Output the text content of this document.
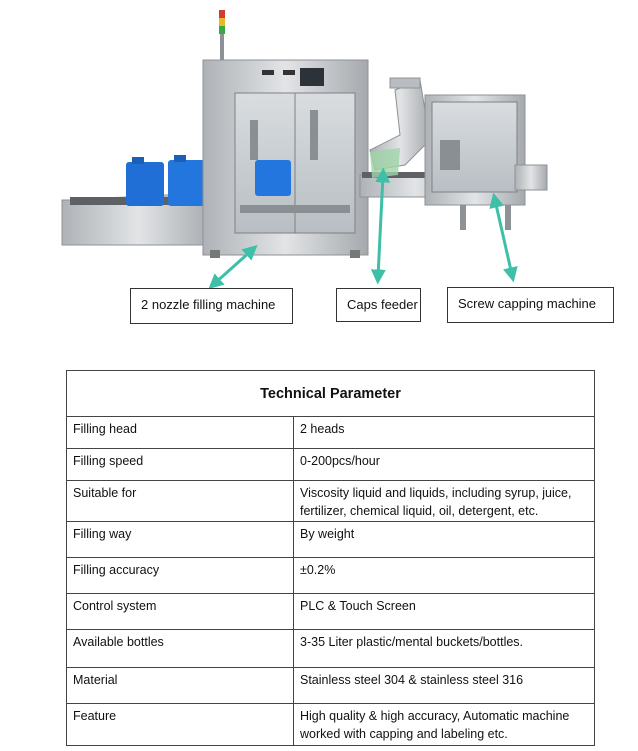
2 nozzle filling machine	Caps feeder	Screw capping machine
Technical Parameter	
Filling head	2 heads
Filling speed	0-200pcs/hour
Suitable for	Viscosity liquid and liquids, including syrup, juice, fertilizer, chemical liquid, oil, detergent, etc.
Filling way	By weight
Filling accuracy	±0.2%
Control system	PLC & Touch Screen
Available bottles	3-35 Liter plastic/mental buckets/bottles.
Material	Stainless steel 304 & stainless steel 316
Feature	High quality & high accuracy, Automatic machine worked with capping and labeling etc.
